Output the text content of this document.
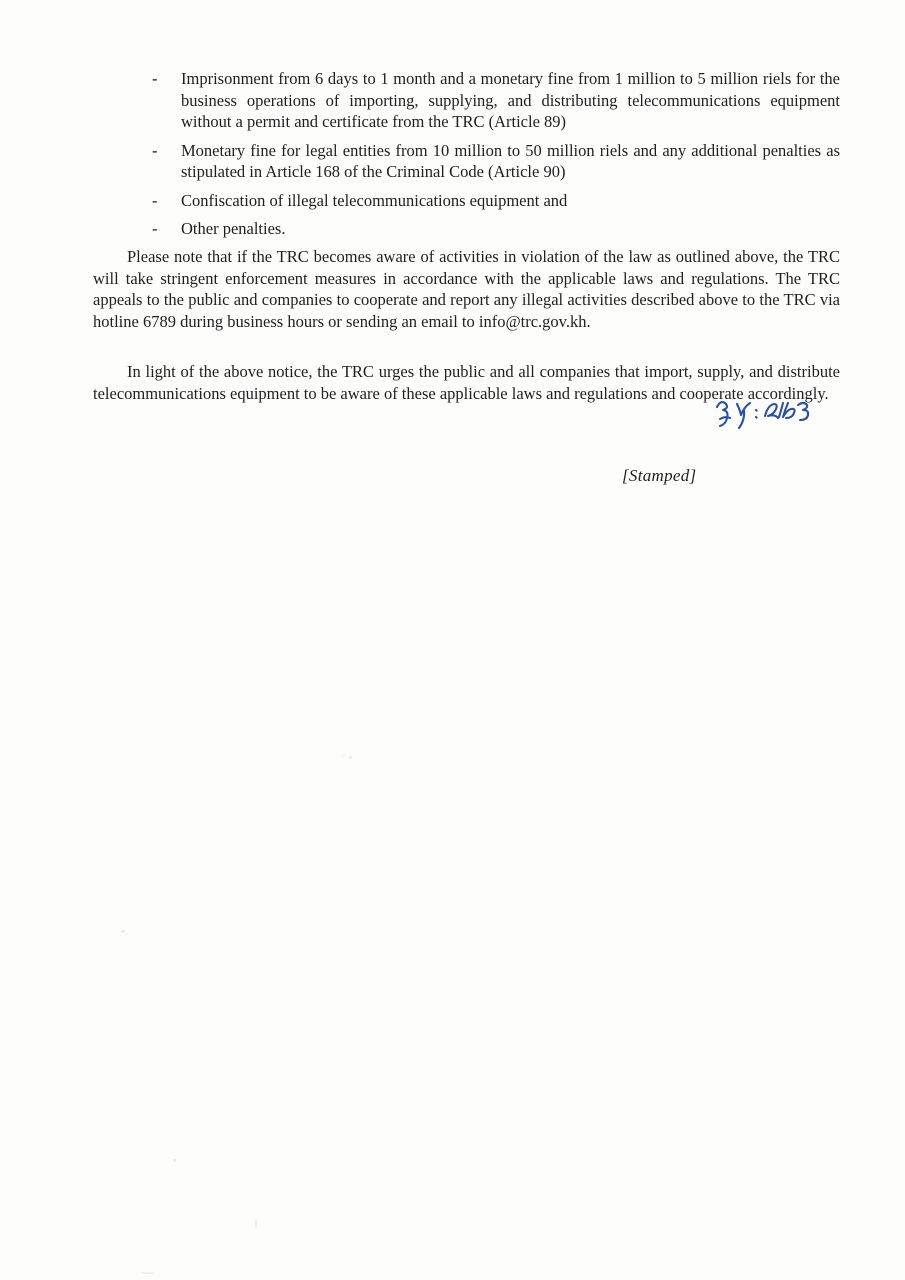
- Imprisonment from 6 days to 1 month and a monetary fine from 1 million to 5 million riels for the business operations of importing, supplying, and distributing telecommunications equipment without a permit and certificate from the TRC (Article 89)
- Monetary fine for legal entities from 10 million to 50 million riels and any additional penalties as stipulated in Article 168 of the Criminal Code (Article 90)
- Confiscation of illegal telecommunications equipment and
- Other penalties.

Please note that if the TRC becomes aware of activities in violation of the law as outlined above, the TRC will take stringent enforcement measures in accordance with the applicable laws and regulations. The TRC appeals to the public and companies to cooperate and report any illegal activities described above to the TRC via hotline 6789 during business hours or sending an email to info@trc.gov.kh.

In light of the above notice, the TRC urges the public and all companies that import, supply, and distribute telecommunications equipment to be aware of these applicable laws and regulations and cooperate accordingly.

[Stamped]
